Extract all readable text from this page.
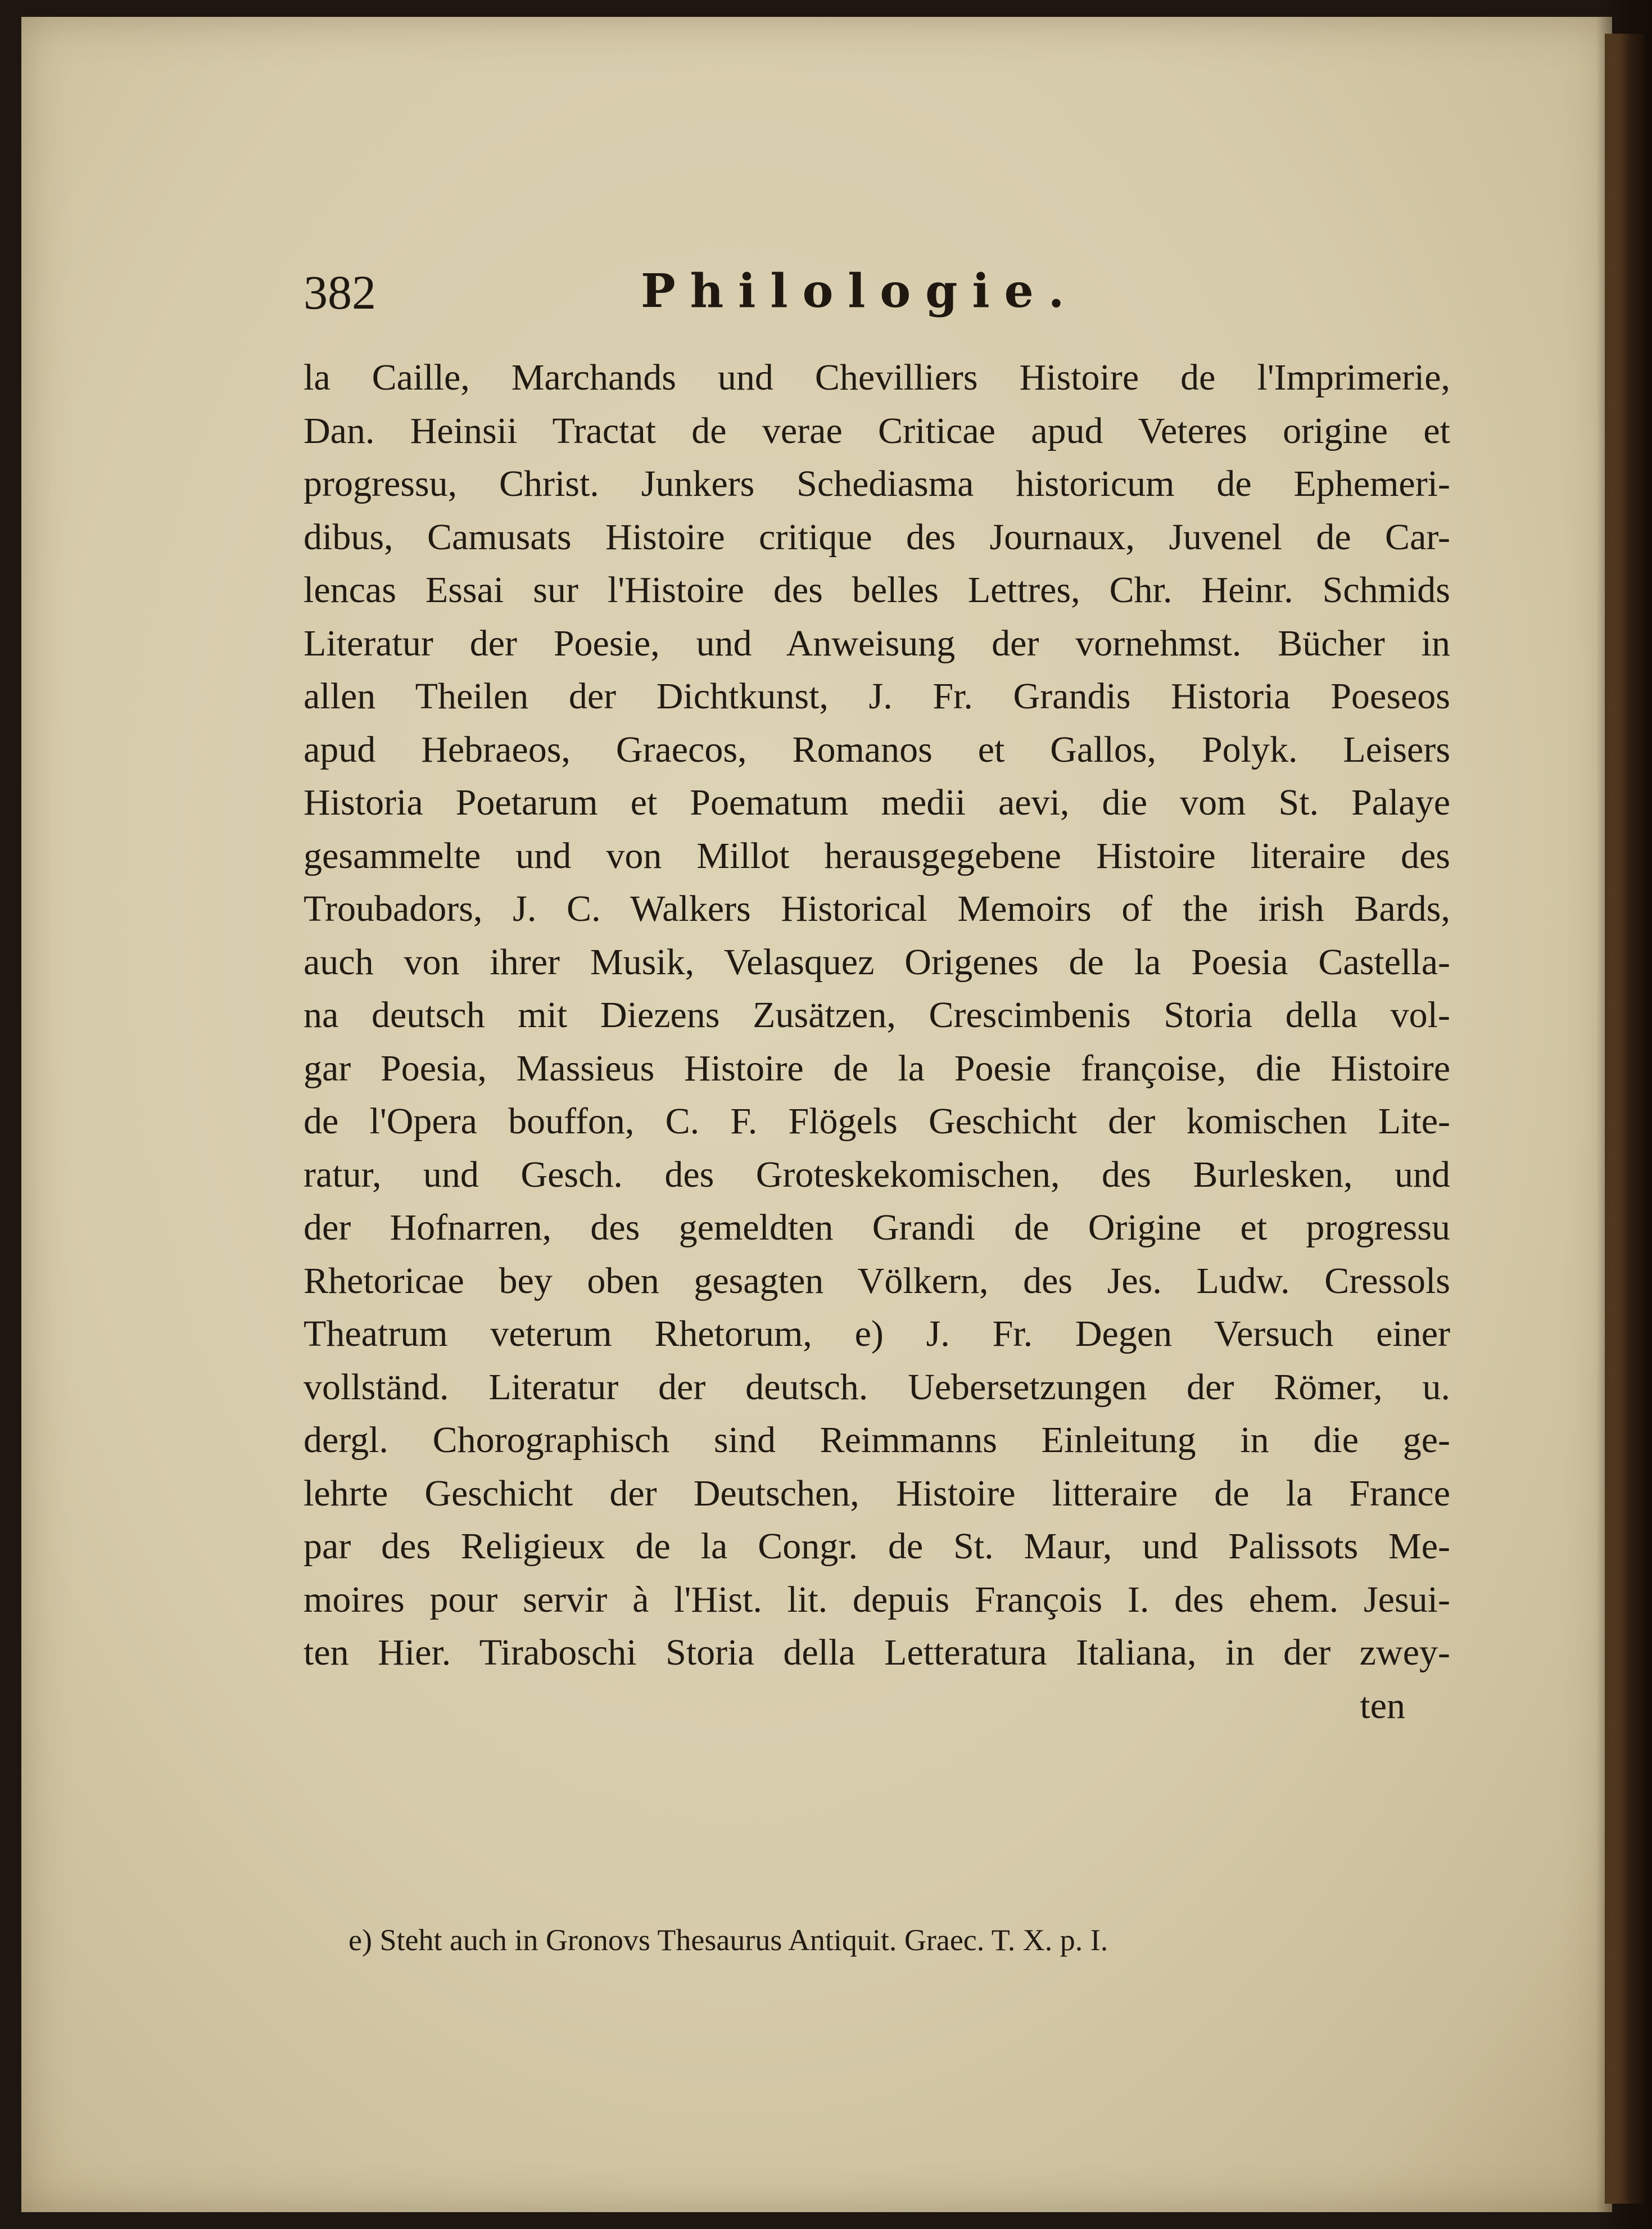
382	Philologie.
la Caille, Marchands und Chevilliers Histoire de l'Imprimerie,
Dan. Heinsii Tractat de verae Criticae apud Veteres origine et
progressu, Christ. Junkers Schediasma historicum de Ephemeri-
dibus, Camusats Histoire critique des Journaux, Juvenel de Car-
lencas Essai sur l'Histoire des belles Lettres, Chr. Heinr. Schmids
Literatur der Poesie, und Anweisung der vornehmst. Bücher in
allen Theilen der Dichtkunst, J. Fr. Grandis Historia Poeseos
apud Hebraeos, Graecos, Romanos et Gallos, Polyk. Leisers
Historia Poetarum et Poematum medii aevi, die vom St. Palaye
gesammelte und von Millot herausgegebene Histoire literaire des
Troubadors, J. C. Walkers Historical Memoirs of the irish Bards,
auch von ihrer Musik, Velasquez Origenes de la Poesia Castella-
na deutsch mit Diezens Zusätzen, Crescimbenis Storia della vol-
gar Poesia, Massieus Histoire de la Poesie françoise, die Histoire
de l'Opera bouffon, C. F. Flögels Geschicht der komischen Lite-
ratur, und Gesch. des Groteskekomischen, des Burlesken, und
der Hofnarren, des gemeldten Grandi de Origine et progressu
Rhetoricae bey oben gesagten Völkern, des Jes. Ludw. Cressols
Theatrum veterum Rhetorum, e) J. Fr. Degen Versuch einer
vollständ. Literatur der deutsch. Uebersetzungen der Römer, u.
dergl. Chorographisch sind Reimmanns Einleitung in die ge-
lehrte Geschicht der Deutschen, Histoire litteraire de la France
par des Religieux de la Congr. de St. Maur, und Palissots Me-
moires pour servir à l'Hist. lit. depuis François I. des ehem. Jesui-
ten Hier. Tiraboschi Storia della Letteratura Italiana, in der zwey-
ten
e) Steht auch in Gronovs Thesaurus Antiquit. Graec. T. X. p. I.
